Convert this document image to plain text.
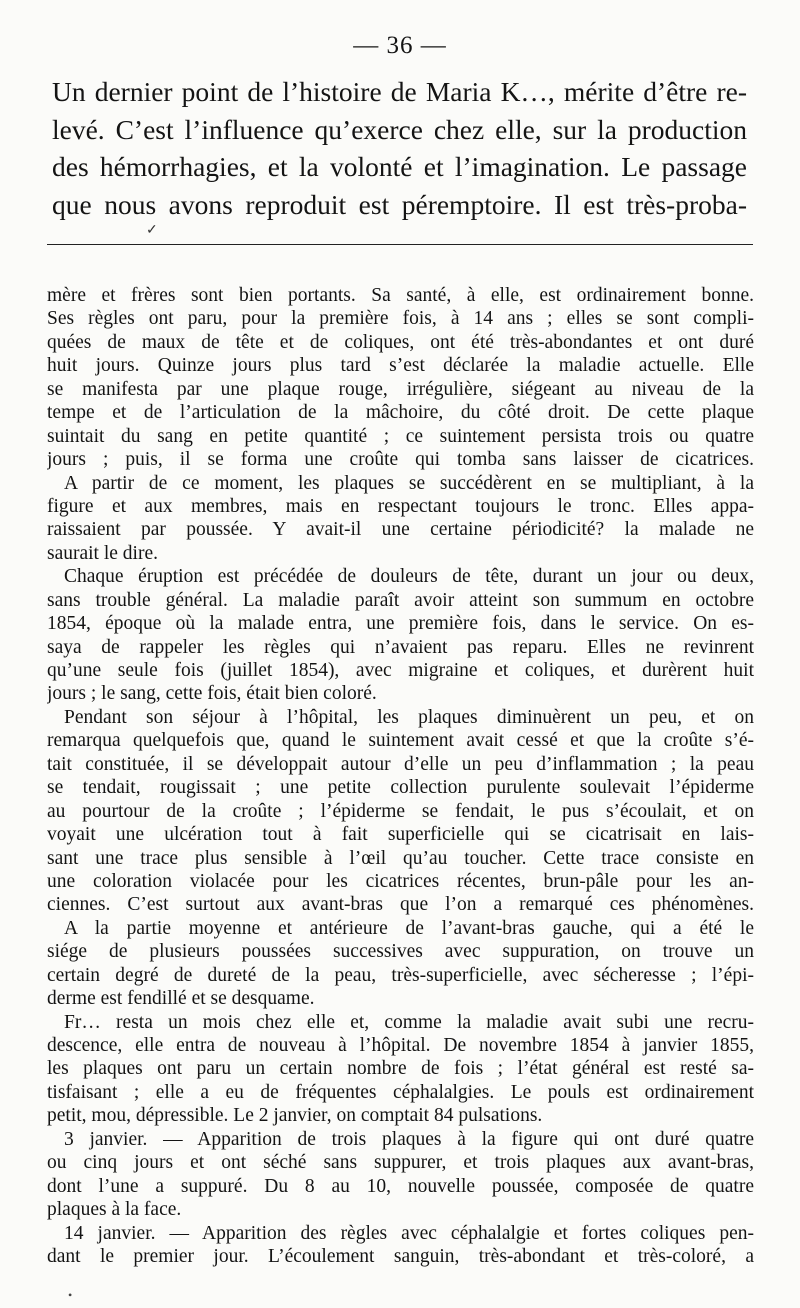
— 36 —
Un dernier point de l’histoire de Maria K…, mérite d’être re-
levé. C’est l’influence qu’exerce chez elle, sur la production
des hémorrhagies, et la volonté et l’imagination. Le passage
que nous avons reproduit est péremptoire. Il est très-proba-
✓
mère et frères sont bien portants. Sa santé, à elle, est ordinairement bonne.
Ses règles ont paru, pour la première fois, à 14 ans ; elles se sont compli-
quées de maux de tête et de coliques, ont été très-abondantes et ont duré
huit jours. Quinze jours plus tard s’est déclarée la maladie actuelle. Elle
se manifesta par une plaque rouge, irrégulière, siégeant au niveau de la
tempe et de l’articulation de la mâchoire, du côté droit. De cette plaque
suintait du sang en petite quantité ; ce suintement persista trois ou quatre
jours ; puis, il se forma une croûte qui tomba sans laisser de cicatrices.
A partir de ce moment, les plaques se succédèrent en se multipliant, à la
figure et aux membres, mais en respectant toujours le tronc. Elles appa-
raissaient par poussée. Y avait-il une certaine périodicité? la malade ne
saurait le dire.
Chaque éruption est précédée de douleurs de tête, durant un jour ou deux,
sans trouble général. La maladie paraît avoir atteint son summum en octobre
1854, époque où la malade entra, une première fois, dans le service. On es-
saya de rappeler les règles qui n’avaient pas reparu. Elles ne revinrent
qu’une seule fois (juillet 1854), avec migraine et coliques, et durèrent huit
jours ; le sang, cette fois, était bien coloré.
Pendant son séjour à l’hôpital, les plaques diminuèrent un peu, et on
remarqua quelquefois que, quand le suintement avait cessé et que la croûte s’é-
tait constituée, il se développait autour d’elle un peu d’inflammation ; la peau
se tendait, rougissait ; une petite collection purulente soulevait l’épiderme
au pourtour de la croûte ; l’épiderme se fendait, le pus s’écoulait, et on
voyait une ulcération tout à fait superficielle qui se cicatrisait en lais-
sant une trace plus sensible à l’œil qu’au toucher. Cette trace consiste en
une coloration violacée pour les cicatrices récentes, brun-pâle pour les an-
ciennes. C’est surtout aux avant-bras que l’on a remarqué ces phénomènes.
A la partie moyenne et antérieure de l’avant-bras gauche, qui a été le
siége de plusieurs poussées successives avec suppuration, on trouve un
certain degré de dureté de la peau, très-superficielle, avec sécheresse ; l’épi-
derme est fendillé et se desquame.
Fr… resta un mois chez elle et, comme la maladie avait subi une recru-
descence, elle entra de nouveau à l’hôpital. De novembre 1854 à janvier 1855,
les plaques ont paru un certain nombre de fois ; l’état général est resté sa-
tisfaisant ; elle a eu de fréquentes céphalalgies. Le pouls est ordinairement
petit, mou, dépressible. Le 2 janvier, on comptait 84 pulsations.
3 janvier. — Apparition de trois plaques à la figure qui ont duré quatre
ou cinq jours et ont séché sans suppurer, et trois plaques aux avant-bras,
dont l’une a suppuré. Du 8 au 10, nouvelle poussée, composée de quatre
plaques à la face.
14 janvier. — Apparition des règles avec céphalalgie et fortes coliques pen-
dant le premier jour. L’écoulement sanguin, très-abondant et très-coloré, a
•
